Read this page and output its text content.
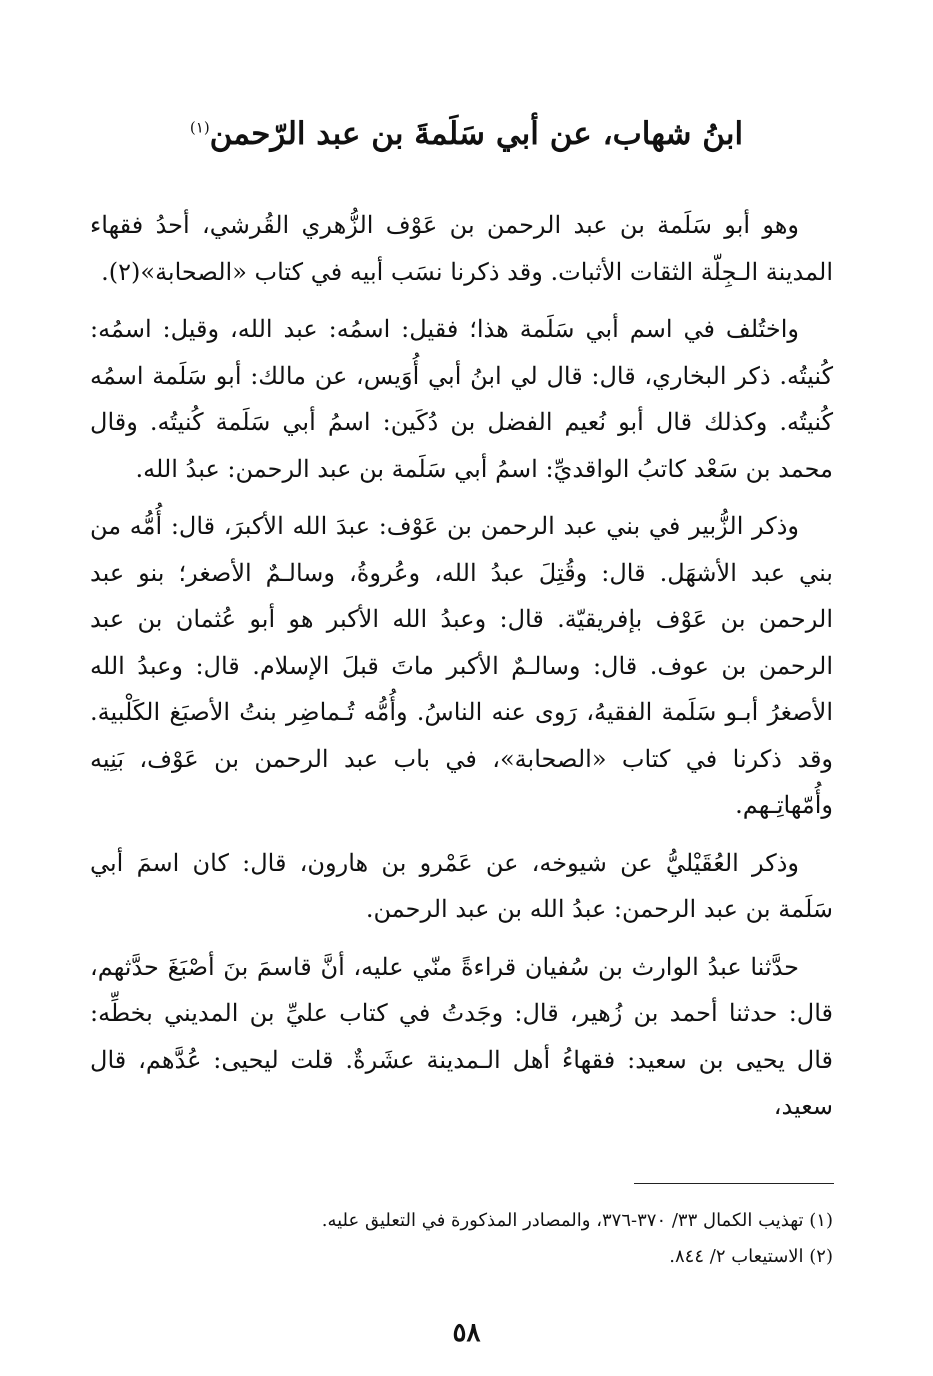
ابنُ شهاب، عن أبي سَلَمةَ بن عبد الرّحمن$^{(١)}$

وهو أبو سَلَمة بن عبد الرحمن بن عَوْف الزُّهري القُرشي، أحدُ فقهاء المدينة الـجِلّة الثقات الأثبات. وقد ذكرنا نسَب أبيه في كتاب «الصحابة»(٢).

واختُلف في اسم أبي سَلَمة هذا؛ فقيل: اسمُه: عبد الله، وقيل: اسمُه: كُنيتُه. ذكر البخاري، قال: قال لي ابنُ أبي أُوَيس، عن مالك: أبو سَلَمة اسمُه كُنيتُه. وكذلك قال أبو نُعيم الفضل بن دُكَين: اسمُ أبي سَلَمة كُنيتُه. وقال محمد بن سَعْد كاتبُ الواقديِّ: اسمُ أبي سَلَمة بن عبد الرحمن: عبدُ الله.

وذكر الزُّبير في بني عبد الرحمن بن عَوْف: عبدَ الله الأكبرَ، قال: أُمُّه من بني عبد الأشهَل. قال: وقُتِلَ عبدُ الله، وعُروةُ، وسالـمٌ الأصغر؛ بنو عبد الرحمن بن عَوْف بإفريقيّة. قال: وعبدُ الله الأكبر هو أبو عُثمان بن عبد الرحمن بن عوف. قال: وسالـمٌ الأكبر ماتَ قبلَ الإسلام. قال: وعبدُ الله الأصغرُ أبـو سَلَمة الفقيهُ، رَوى عنه الناسُ. وأُمُّه تُـماضِر بنتُ الأصبَغ الكَلْبية. وقد ذكرنا في كتاب «الصحابة»، في باب عبد الرحمن بن عَوْف، بَنِيه وأُمّهاتِـهم.

وذكر العُقَيْليُّ عن شيوخه، عن عَمْرو بن هارون، قال: كان اسمَ أبي سَلَمة بن عبد الرحمن: عبدُ الله بن عبد الرحمن.

حدَّثنا عبدُ الوارث بن سُفيان قراءةً منّي عليه، أنَّ قاسمَ بنَ أصْبَغَ حدَّثهم، قال: حدثنا أحمد بن زُهير، قال: وجَدتُ في كتاب عليِّ بن المديني بخطِّه: قال يحيى بن سعيد: فقهاءُ أهل الـمدينة عشَرةٌ. قلت ليحيى: عُدَّهم، قال سعيد،

(١) تهذيب الكمال ٣٣/ ٣٧٠-٣٧٦، والمصادر المذكورة في التعليق عليه.

(٢) الاستيعاب ٢/ ٨٤٤.

٥٨
